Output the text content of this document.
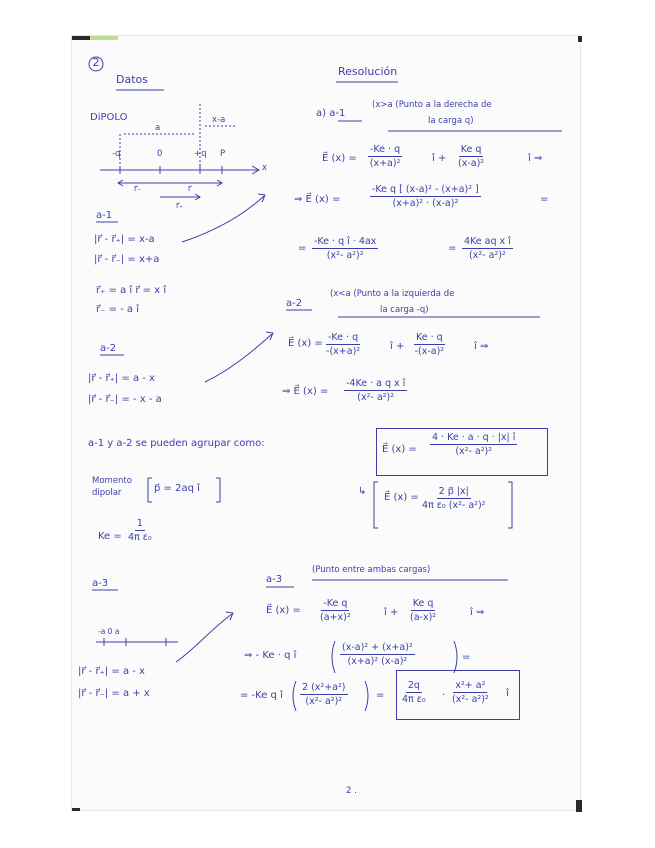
2
Datos
DiPOLO
a
x-a
-q	0	+q P
x
r⃗₋	r⃗
r⃗₊
a-1
|r⃗ - r⃗₊| = x-a
|r⃗ - r⃗₋| = x+a
r⃗₊ = a î r⃗ = x î
r⃗₋ = - a î
a-2
|r⃗ - r⃗₊| = a - x
|r⃗ - r⃗₋| = - x - a
a-1 y a-2 se pueden agrupar como:
Momento
dipolar	p⃗ = 2aq î
$Ke = \frac{1}{\text{4π ε₀}}$
a-3
-a 0 a
|r⃗ - r⃗₊| = a - x
|r⃗ - r⃗₋| = a + x
Resolución
a) a-1
(x>a (Punto a la derecha de
la carga q)
E⃗ $(x) = \frac{-Ke \cdot q}{\text{(x+a)²}}$	î + $\frac{\text{Ke q}}{\text{(x-a)²}}$	î ⇒
⇒ E⃗ (x) =	$\frac{\text{-Ke q [ (x-a)² - (x+a)² ]}}{\text{(x+a)² · (x-a)²}}$	=
= $\frac{\text{-Ke · q î · 4ax}}{\text{(x²- a²)²}}$	= $\frac{\text{4Ke aq x î}}{\text{(x²- a²)²}}$
a-2
(x<a (Punto a la izquierda de
la carga -q)
E⃗ $(x) = \frac{-Ke \cdot q}{\text{-(x+a)²}}$	î + $\frac{Ke \cdot q}{\text{-(x-a)²}}$	î ⇒
⇒ E⃗ $(x) = \frac{\text{-4Ke · a q x î}}{\text{(x²- a²)²}}$
E⃗ $(x) = \frac{4 \cdot Ke \cdot a \cdot q \cdot |x| î}{\text{(x²- a²)²}}$
↳
E⃗ $(x) = \frac{2 p⃗ |x|}{\text{4π ε₀ (x²- a²)²}}$
a-3
(Punto entre ambas cargas)
E⃗ $(x) = \frac{\text{-Ke q}}{\text{(a+x)²}}$	î + $\frac{\text{Ke q}}{\text{(a-x)²}}$	î ⇒
⇒ - Ke · q î	$\frac{\text{(x-a)² + (x+a)²}}{\text{(x+a)² (x-a)²}}$	=
= -Ke q î $\frac{\text{2 (x²+a²)}}{\text{(x²- a²)²}}$	= $\frac{2q}{\text{4π ε₀}} \cdot \frac{\text{x²+ a²}}{\text{(x²- a²)²}}$ î
2 .
